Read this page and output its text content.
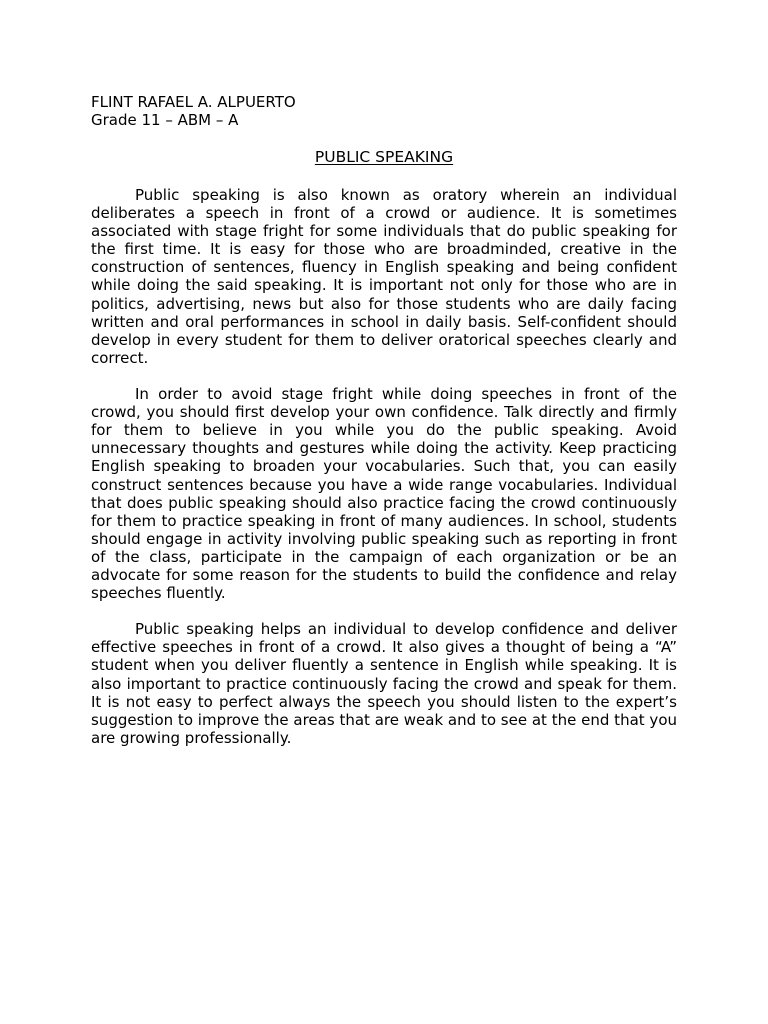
FLINT RAFAEL A. ALPUERTO
Grade 11 – ABM – A
PUBLIC SPEAKING

Public speaking is also known as oratory wherein an individual deliberates a speech in front of a crowd or audience. It is sometimes associated with stage fright for some individuals that do public speaking for the first time. It is easy for those who are broadminded, creative in the construction of sentences, fluency in English speaking and being confident while doing the said speaking. It is important not only for those who are in politics, advertising, news but also for those students who are daily facing written and oral performances in school in daily basis. Self-confident should develop in every student for them to deliver oratorical speeches clearly and correct.

In order to avoid stage fright while doing speeches in front of the crowd, you should first develop your own confidence. Talk directly and firmly for them to believe in you while you do the public speaking. Avoid unnecessary thoughts and gestures while doing the activity. Keep practicing English speaking to broaden your vocabularies. Such that, you can easily construct sentences because you have a wide range vocabularies. Individual that does public speaking should also practice facing the crowd continuously for them to practice speaking in front of many audiences. In school, students should engage in activity involving public speaking such as reporting in front of the class, participate in the campaign of each organization or be an advocate for some reason for the students to build the confidence and relay speeches fluently.

Public speaking helps an individual to develop confidence and deliver effective speeches in front of a crowd. It also gives a thought of being a “A” student when you deliver fluently a sentence in English while speaking. It is also important to practice continuously facing the crowd and speak for them. It is not easy to perfect always the speech you should listen to the expert’s suggestion to improve the areas that are weak and to see at the end that you are growing professionally.
